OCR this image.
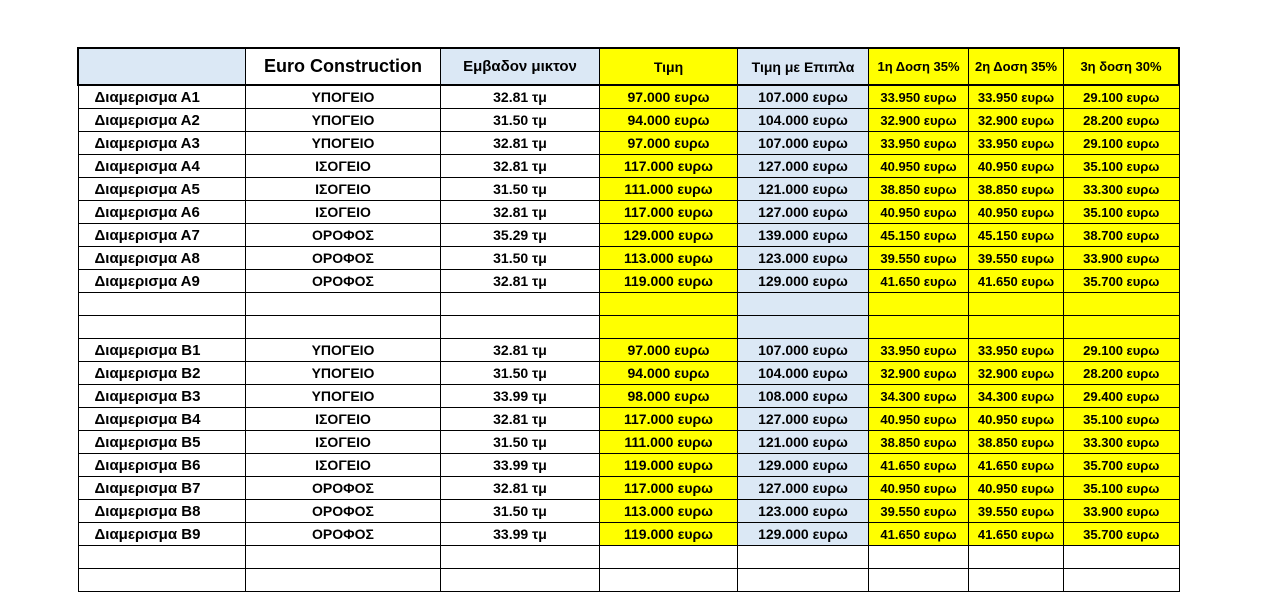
	Euro Construction	Εμβαδον μικτον	Τιμη	Τιμη με Επιπλα	1η Δοση 35%	2η Δοση 35%	3η δοση 30%
Διαμερισμα Α1	ΥΠΟΓΕΙΟ	32.81 τμ	97.000 ευρω	107.000 ευρω	33.950 ευρω	33.950 ευρω	29.100 ευρω
Διαμερισμα Α2	ΥΠΟΓΕΙΟ	31.50 τμ	94.000 ευρω	104.000 ευρω	32.900 ευρω	32.900 ευρω	28.200 ευρω
Διαμερισμα Α3	ΥΠΟΓΕΙΟ	32.81 τμ	97.000 ευρω	107.000 ευρω	33.950 ευρω	33.950 ευρω	29.100 ευρω
Διαμερισμα Α4	ΙΣΟΓΕΙΟ	32.81 τμ	117.000 ευρω	127.000 ευρω	40.950 ευρω	40.950 ευρω	35.100 ευρω
Διαμερισμα Α5	ΙΣΟΓΕΙΟ	31.50 τμ	111.000 ευρω	121.000 ευρω	38.850 ευρω	38.850 ευρω	33.300 ευρω
Διαμερισμα Α6	ΙΣΟΓΕΙΟ	32.81 τμ	117.000 ευρω	127.000 ευρω	40.950 ευρω	40.950 ευρω	35.100 ευρω
Διαμερισμα Α7	ΟΡΟΦΟΣ	35.29 τμ	129.000 ευρω	139.000 ευρω	45.150 ευρω	45.150 ευρω	38.700 ευρω
Διαμερισμα Α8	ΟΡΟΦΟΣ	31.50 τμ	113.000 ευρω	123.000 ευρω	39.550 ευρω	39.550 ευρω	33.900 ευρω
Διαμερισμα Α9	ΟΡΟΦΟΣ	32.81 τμ	119.000 ευρω	129.000 ευρω	41.650 ευρω	41.650 ευρω	35.700 ευρω

Διαμερισμα Β1	ΥΠΟΓΕΙΟ	32.81 τμ	97.000 ευρω	107.000 ευρω	33.950 ευρω	33.950 ευρω	29.100 ευρω
Διαμερισμα Β2	ΥΠΟΓΕΙΟ	31.50 τμ	94.000 ευρω	104.000 ευρω	32.900 ευρω	32.900 ευρω	28.200 ευρω
Διαμερισμα Β3	ΥΠΟΓΕΙΟ	33.99 τμ	98.000 ευρω	108.000 ευρω	34.300 ευρω	34.300 ευρω	29.400 ευρω
Διαμερισμα Β4	ΙΣΟΓΕΙΟ	32.81 τμ	117.000 ευρω	127.000 ευρω	40.950 ευρω	40.950 ευρω	35.100 ευρω
Διαμερισμα Β5	ΙΣΟΓΕΙΟ	31.50 τμ	111.000 ευρω	121.000 ευρω	38.850 ευρω	38.850 ευρω	33.300 ευρω
Διαμερισμα Β6	ΙΣΟΓΕΙΟ	33.99 τμ	119.000 ευρω	129.000 ευρω	41.650 ευρω	41.650 ευρω	35.700 ευρω
Διαμερισμα Β7	ΟΡΟΦΟΣ	32.81 τμ	117.000 ευρω	127.000 ευρω	40.950 ευρω	40.950 ευρω	35.100 ευρω
Διαμερισμα Β8	ΟΡΟΦΟΣ	31.50 τμ	113.000 ευρω	123.000 ευρω	39.550 ευρω	39.550 ευρω	33.900 ευρω
Διαμερισμα Β9	ΟΡΟΦΟΣ	33.99 τμ	119.000 ευρω	129.000 ευρω	41.650 ευρω	41.650 ευρω	35.700 ευρω
